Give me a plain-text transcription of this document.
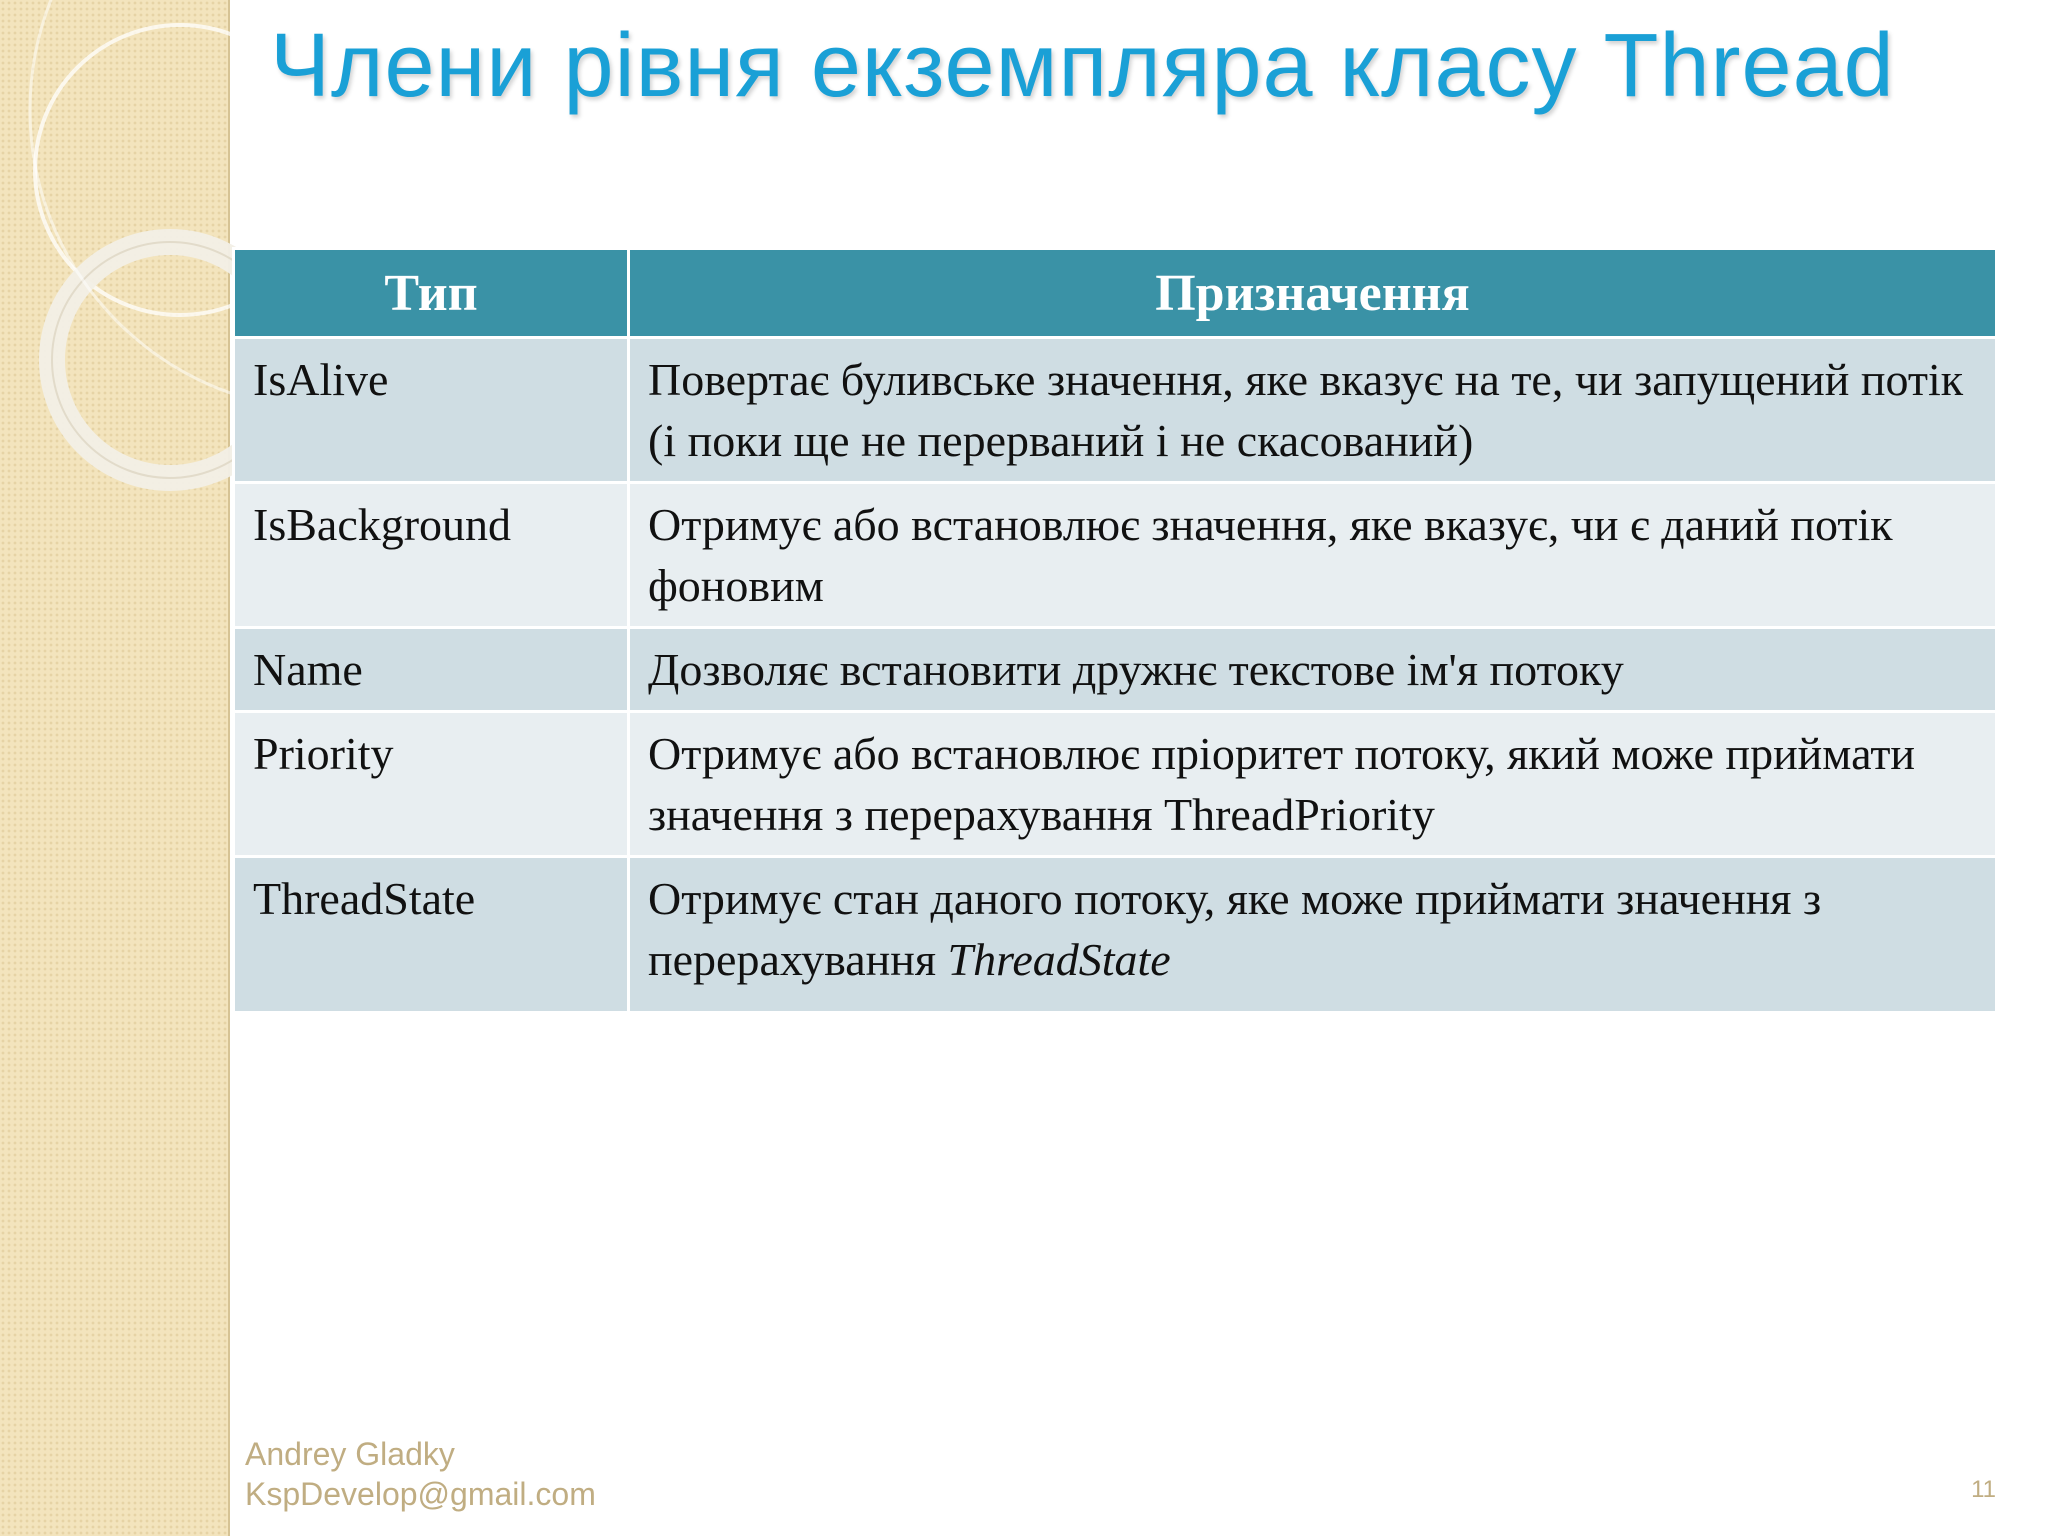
Члени рівня екземпляра класу Thread
Тип	Призначення
IsAlive	Повертає буливське значення, яке вказує на те, чи запущений потік (і поки ще не перерваний і не скасований)
IsBackground	Отримує або встановлює значення, яке вказує, чи є даний потік фоновим
Name	Дозволяє встановити дружнє текстове ім'я потоку
Priority	Отримує або встановлює пріоритет потоку, який може приймати значення з перерахування ThreadPriority
ThreadState	Отримує стан даного потоку, яке може приймати значення з перерахування ThreadState
Andrey Gladky
KspDevelop@gmail.com	11
